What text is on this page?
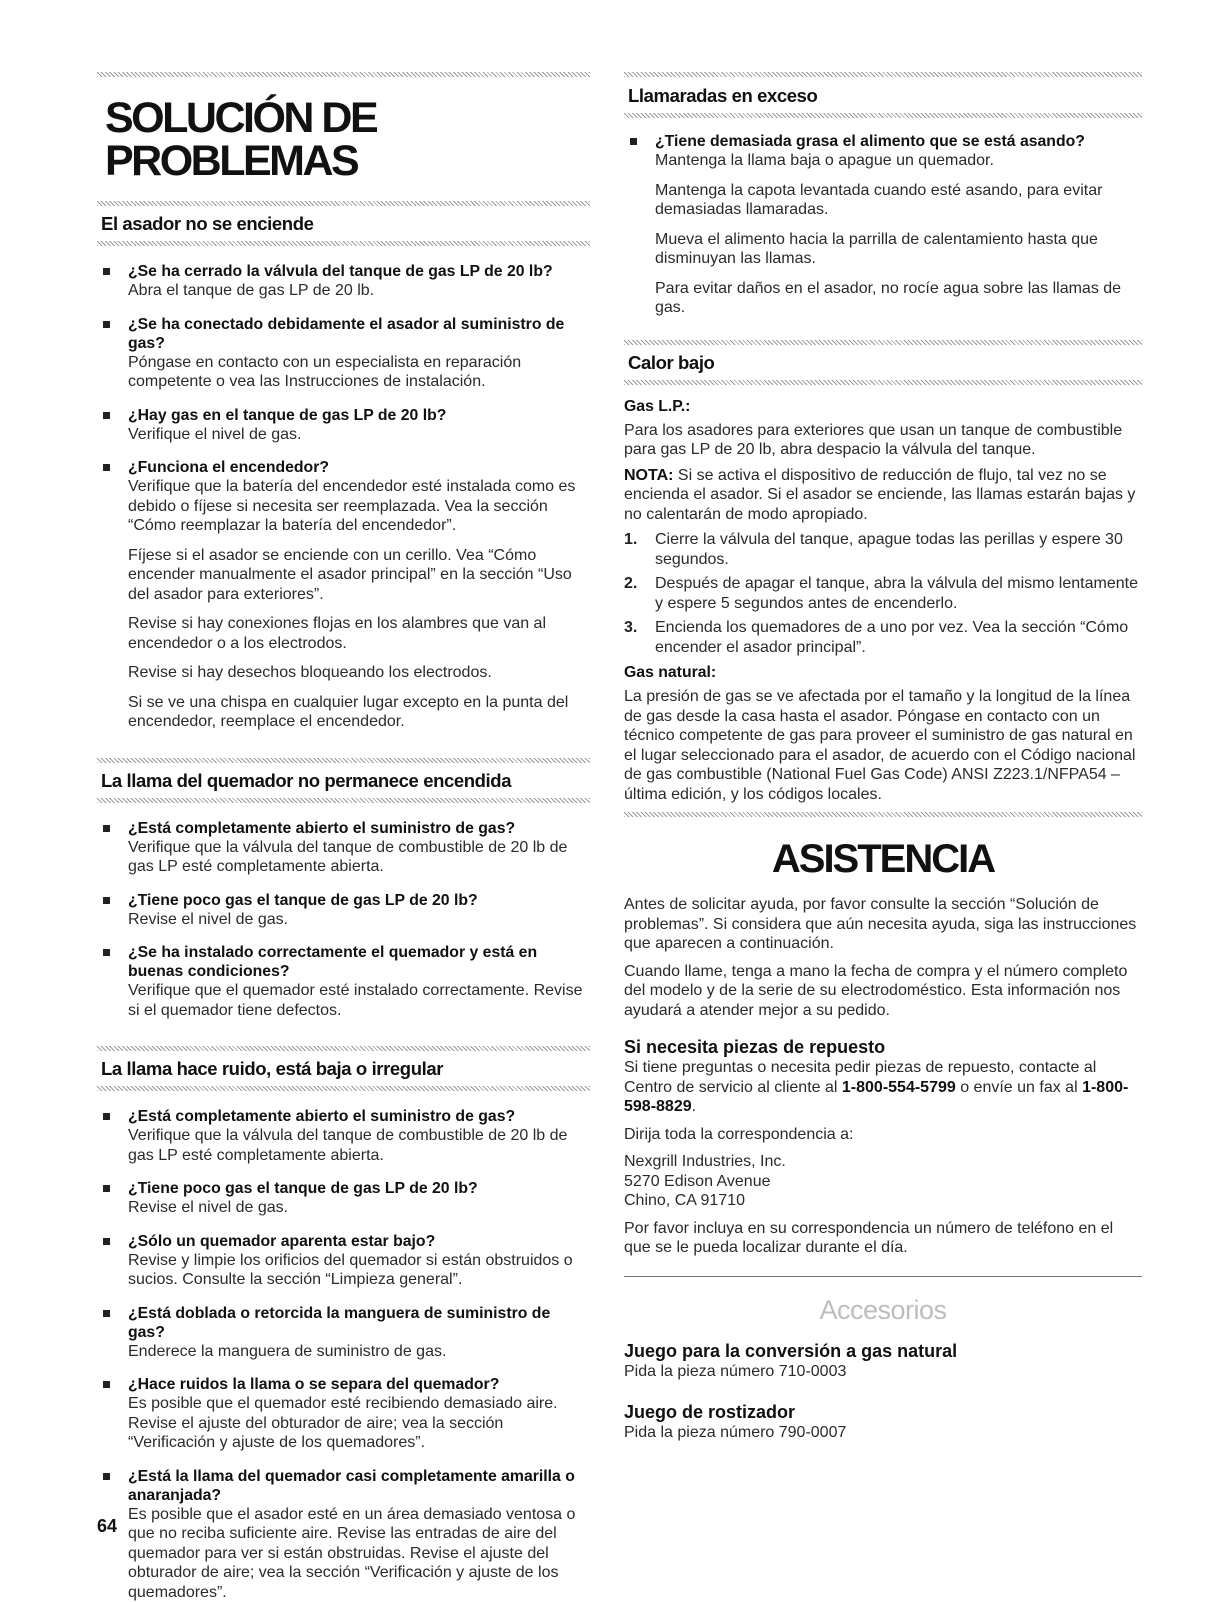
SOLUCIÓN DE PROBLEMAS
El asador no se enciende
¿Se ha cerrado la válvula del tanque de gas LP de 20 lb?
Abra el tanque de gas LP de 20 lb.
¿Se ha conectado debidamente el asador al suministro de gas?
Póngase en contacto con un especialista en reparación competente o vea las Instrucciones de instalación.
¿Hay gas en el tanque de gas LP de 20 lb?
Verifique el nivel de gas.
¿Funciona el encendedor?
Verifique que la batería del encendedor esté instalada como es debido o fíjese si necesita ser reemplazada. Vea la sección “Cómo reemplazar la batería del encendedor”.
Fíjese si el asador se enciende con un cerillo. Vea “Cómo encender manualmente el asador principal” en la sección “Uso del asador para exteriores”.
Revise si hay conexiones flojas en los alambres que van al encendedor o a los electrodos.
Revise si hay desechos bloqueando los electrodos.
Si se ve una chispa en cualquier lugar excepto en la punta del encendedor, reemplace el encendedor.
La llama del quemador no permanece encendida
¿Está completamente abierto el suministro de gas?
Verifique que la válvula del tanque de combustible de 20 lb de gas LP esté completamente abierta.
¿Tiene poco gas el tanque de gas LP de 20 lb?
Revise el nivel de gas.
¿Se ha instalado correctamente el quemador y está en buenas condiciones?
Verifique que el quemador esté instalado correctamente. Revise si el quemador tiene defectos.
La llama hace ruido, está baja o irregular
¿Está completamente abierto el suministro de gas?
Verifique que la válvula del tanque de combustible de 20 lb de gas LP esté completamente abierta.
¿Tiene poco gas el tanque de gas LP de 20 lb?
Revise el nivel de gas.
¿Sólo un quemador aparenta estar bajo?
Revise y limpie los orificios del quemador si están obstruidos o sucios. Consulte la sección “Limpieza general”.
¿Está doblada o retorcida la manguera de suministro de gas?
Enderece la manguera de suministro de gas.
¿Hace ruidos la llama o se separa del quemador?
Es posible que el quemador esté recibiendo demasiado aire. Revise el ajuste del obturador de aire; vea la sección “Verificación y ajuste de los quemadores”.
¿Está la llama del quemador casi completamente amarilla o anaranjada?
Es posible que el asador esté en un área demasiado ventosa o que no reciba suficiente aire. Revise las entradas de aire del quemador para ver si están obstruidas. Revise el ajuste del obturador de aire; vea la sección “Verificación y ajuste de los quemadores”.
Llamaradas en exceso
¿Tiene demasiada grasa el alimento que se está asando?
Mantenga la llama baja o apague un quemador.
Mantenga la capota levantada cuando esté asando, para evitar demasiadas llamaradas.
Mueva el alimento hacia la parrilla de calentamiento hasta que disminuyan las llamas.
Para evitar daños en el asador, no rocíe agua sobre las llamas de gas.
Calor bajo
Gas L.P.:
Para los asadores para exteriores que usan un tanque de combustible para gas LP de 20 lb, abra despacio la válvula del tanque.
NOTA: Si se activa el dispositivo de reducción de flujo, tal vez no se encienda el asador. Si el asador se enciende, las llamas estarán bajas y no calentarán de modo apropiado.
1. Cierre la válvula del tanque, apague todas las perillas y espere 30 segundos.
2. Después de apagar el tanque, abra la válvula del mismo lentamente y espere 5 segundos antes de encenderlo.
3. Encienda los quemadores de a uno por vez. Vea la sección “Cómo encender el asador principal”.
Gas natural:
La presión de gas se ve afectada por el tamaño y la longitud de la línea de gas desde la casa hasta el asador. Póngase en contacto con un técnico competente de gas para proveer el suministro de gas natural en el lugar seleccionado para el asador, de acuerdo con el Código nacional de gas combustible (National Fuel Gas Code) ANSI Z223.1/NFPA54 – última edición, y los códigos locales.
ASISTENCIA
Antes de solicitar ayuda, por favor consulte la sección “Solución de problemas”. Si considera que aún necesita ayuda, siga las instrucciones que aparecen a continuación.
Cuando llame, tenga a mano la fecha de compra y el número completo del modelo y de la serie de su electrodoméstico. Esta información nos ayudará a atender mejor a su pedido.
Si necesita piezas de repuesto
Si tiene preguntas o necesita pedir piezas de repuesto, contacte al Centro de servicio al cliente al 1-800-554-5799 o envíe un fax al 1-800-598-8829.
Dirija toda la correspondencia a:
Nexgrill Industries, Inc.
5270 Edison Avenue
Chino, CA 91710
Por favor incluya en su correspondencia un número de teléfono en el que se le pueda localizar durante el día.
Accesorios
Juego para la conversión a gas natural
Pida la pieza número 710-0003
Juego de rostizador
Pida la pieza número 790-0007
64
